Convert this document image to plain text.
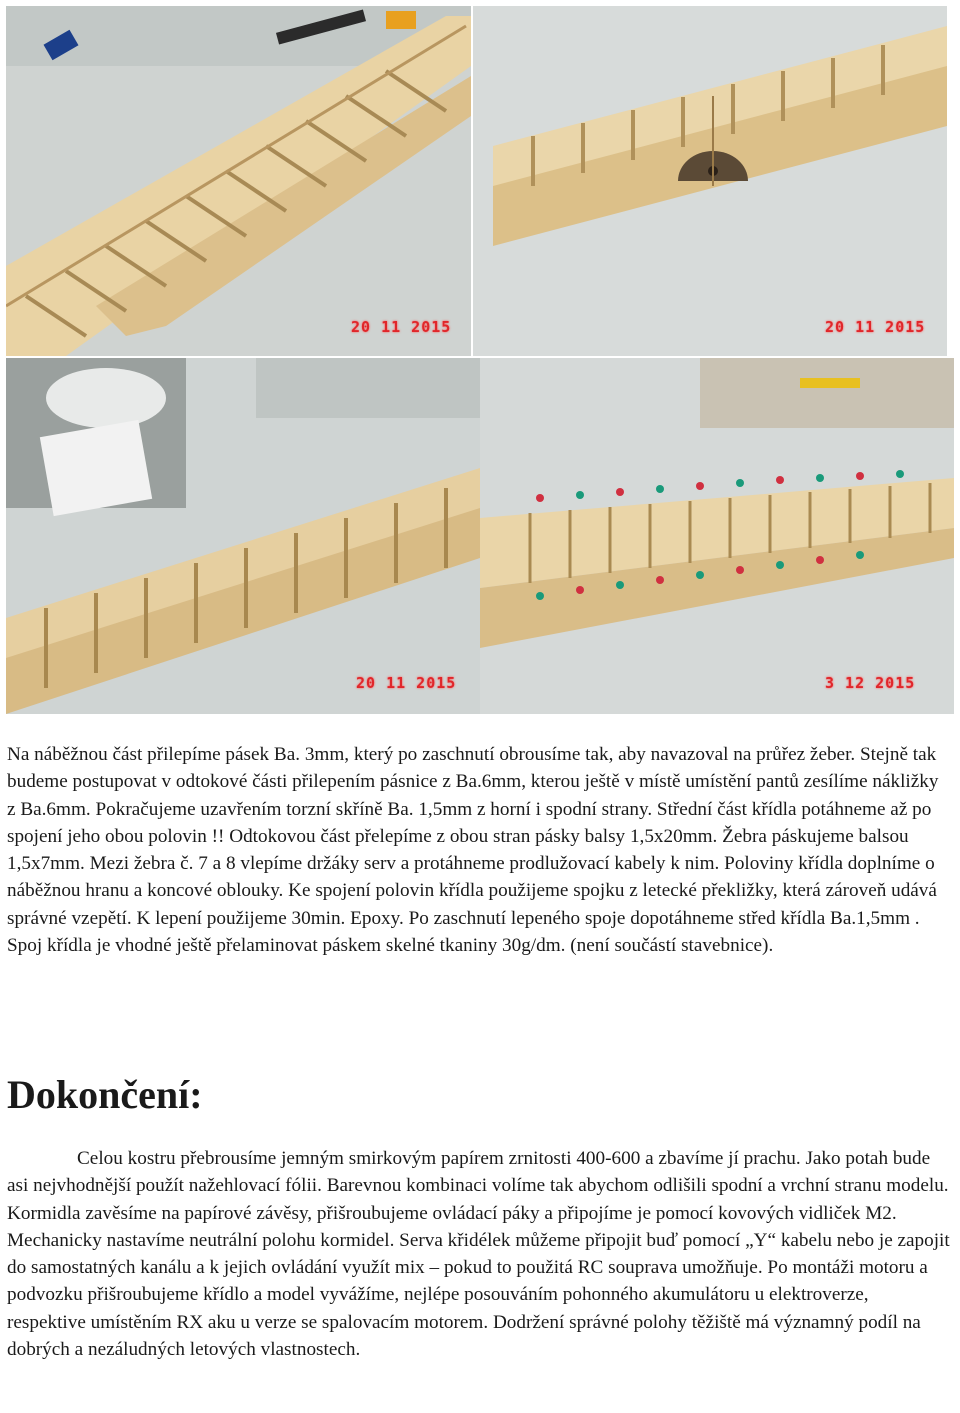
20 11 2015	20 11 2015
20 11 2015	3 12 2015

Na náběžnou část přilepíme pásek Ba. 3mm, který po zaschnutí obrousíme tak, aby navazoval na průřez žeber. Stejně tak budeme postupovat v odtokové části přilepením pásnice z Ba.6mm, kterou ještě v místě umístění pantů zesílíme nákližky z Ba.6mm. Pokračujeme uzavřením torzní skříně Ba. 1,5mm z horní i spodní strany. Střední část křídla potáhneme až po spojení jeho obou polovin !! Odtokovou část přelepíme z obou stran pásky balsy 1,5x20mm. Žebra páskujeme balsou 1,5x7mm. Mezi žebra č. 7 a 8 vlepíme držáky serv a protáhneme prodlužovací kabely k nim. Poloviny křídla doplníme o náběžnou hranu a koncové oblouky. Ke spojení polovin křídla použijeme spojku z letecké překližky, která zároveň udává správné vzepětí. K lepení použijeme 30min. Epoxy. Po zaschnutí lepeného spoje dopotáhneme střed křídla Ba.1,5mm . Spoj křídla je vhodné ještě přelaminovat páskem skelné tkaniny 30g/dm. (není součástí stavebnice).

Dokončení:

Celou kostru přebrousíme jemným smirkovým papírem zrnitosti 400-600 a zbavíme jí prachu. Jako potah bude asi nejvhodnější použít nažehlovací fólii. Barevnou kombinaci volíme tak abychom odlišili spodní a vrchní stranu modelu. Kormidla zavěsíme na papírové závěsy, přišroubujeme ovládací páky a připojíme je pomocí kovových vidliček M2. Mechanicky nastavíme neutrální polohu kormidel. Serva křidélek můžeme připojit buď pomocí „Y“ kabelu nebo je zapojit do samostatných kanálu a k jejich ovládání využít mix – pokud to použitá RC souprava umožňuje. Po montáži motoru a podvozku přišroubujeme křídlo a model vyvážíme, nejlépe posouváním pohonného akumulátoru u elektroverze, respektive umístěním RX aku u verze se spalovacím motorem. Dodržení správné polohy těžiště má významný podíl na dobrých a nezáludných letových vlastnostech.
